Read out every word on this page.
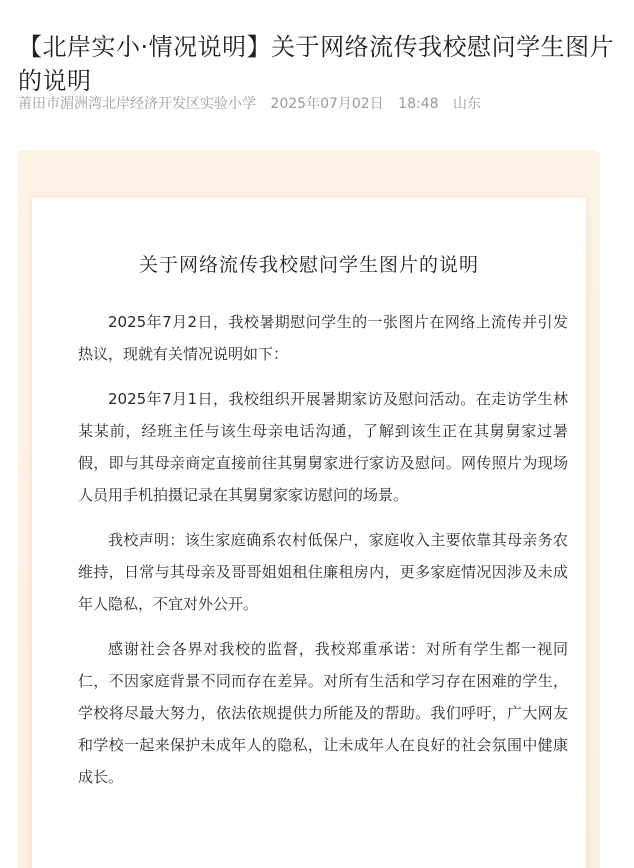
【北岸实小·情况说明】关于网络流传我校慰问学生图片的说明
莆田市湄洲湾北岸经济开发区实验小学 2025年07月02日 18:48 山东
关于网络流传我校慰问学生图片的说明

2025年7月2日，我校暑期慰问学生的一张图片在网络上流传并引发热议，现就有关情况说明如下：

2025年7月1日，我校组织开展暑期家访及慰问活动。在走访学生林某某前，经班主任与该生母亲电话沟通，了解到该生正在其舅舅家过暑假，即与其母亲商定直接前往其舅舅家进行家访及慰问。网传照片为现场人员用手机拍摄记录在其舅舅家家访慰问的场景。

我校声明：该生家庭确系农村低保户，家庭收入主要依靠其母亲务农维持，日常与其母亲及哥哥姐姐租住廉租房内，更多家庭情况因涉及未成年人隐私，不宜对外公开。

感谢社会各界对我校的监督，我校郑重承诺：对所有学生都一视同仁，不因家庭背景不同而存在差异。对所有生活和学习存在困难的学生，学校将尽最大努力，依法依规提供力所能及的帮助。我们呼吁，广大网友和学校一起来保护未成年人的隐私，让未成年人在良好的社会氛围中健康成长。
